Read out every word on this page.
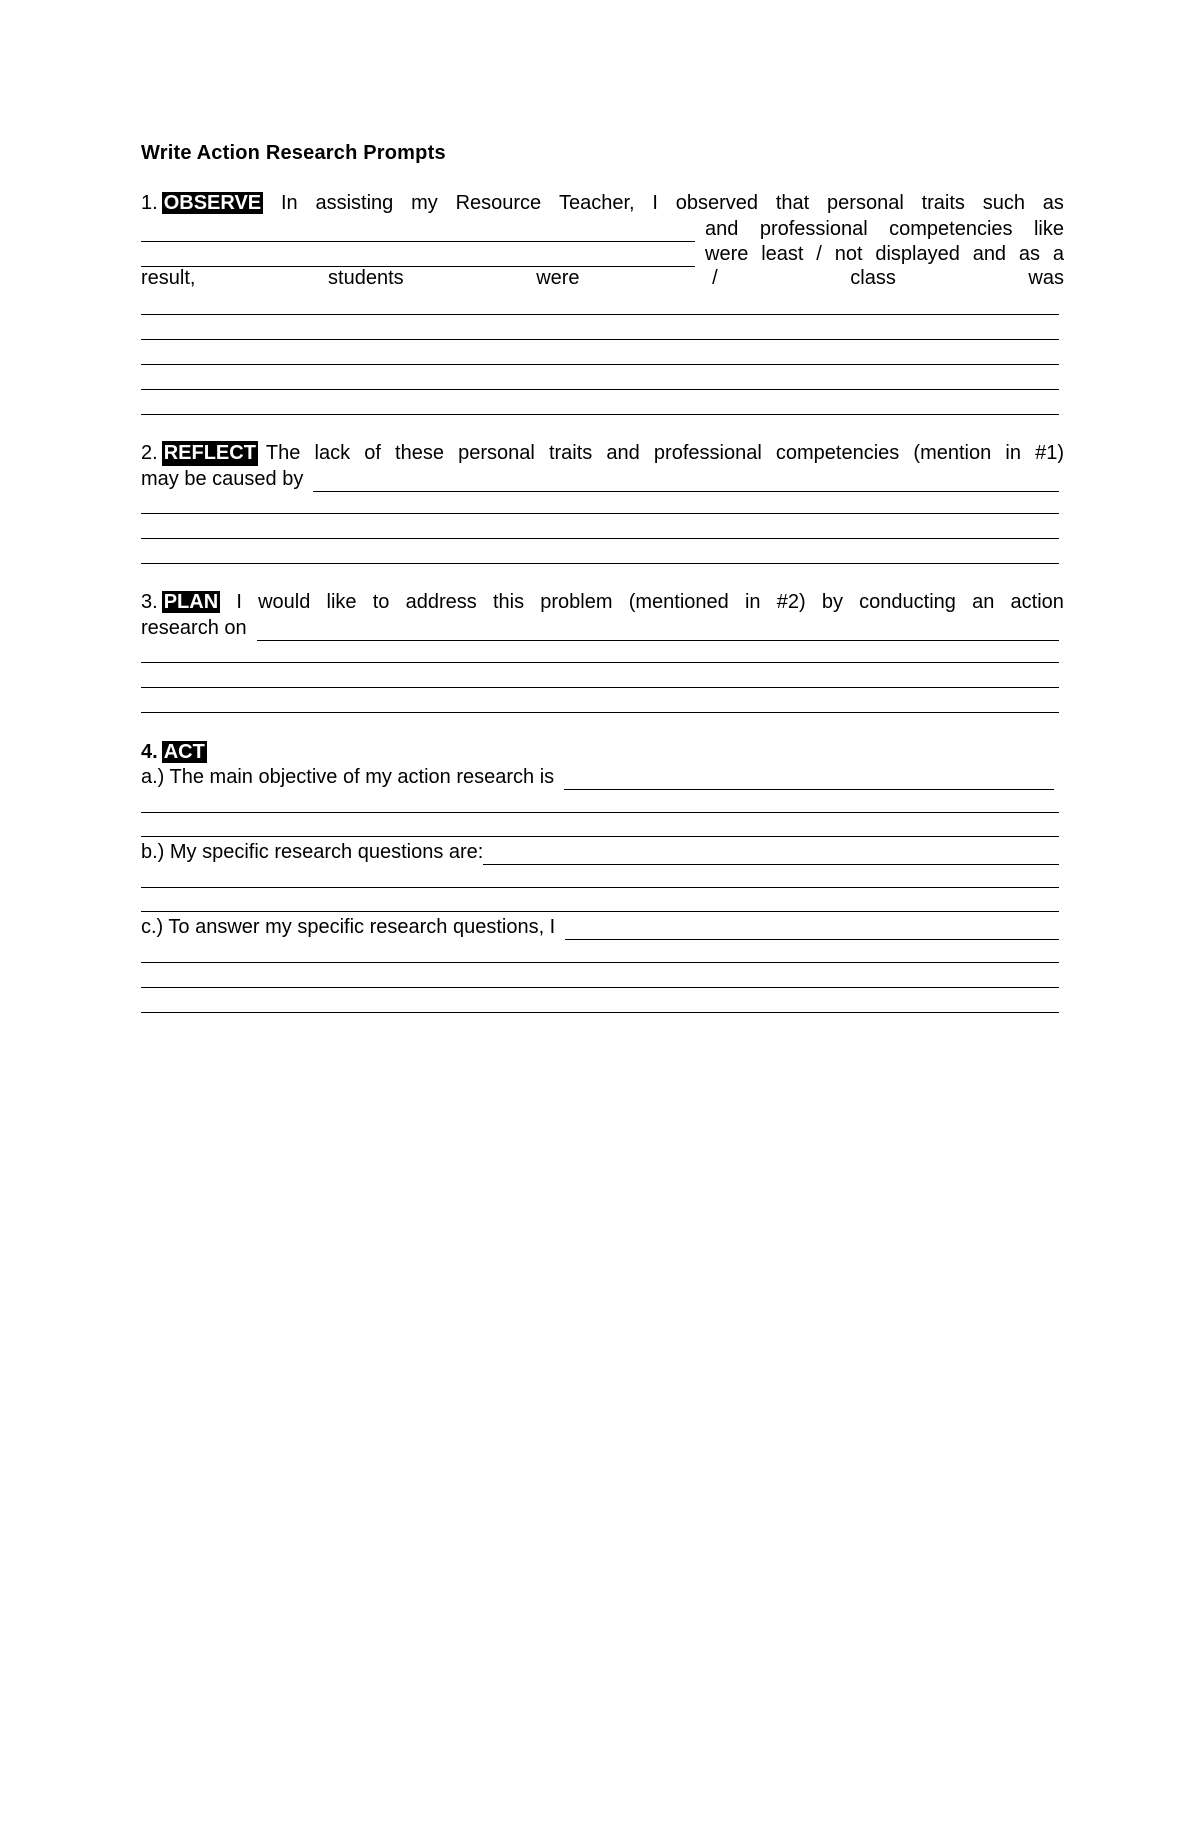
Write Action Research Prompts
1. OBSERVE In assisting my Resource Teacher, I observed that personal traits such as
and professional competencies like
were least / not displayed and as a
result,	students	were	/	class	was
2. REFLECT The lack of these personal traits and professional competencies (mention in #1)
may be caused by
3. PLAN I would like to address this problem (mentioned in #2) by conducting an action
research on
4. ACT
a.) The main objective of my action research is
b.) My specific research questions are:
c.) To answer my specific research questions, I
